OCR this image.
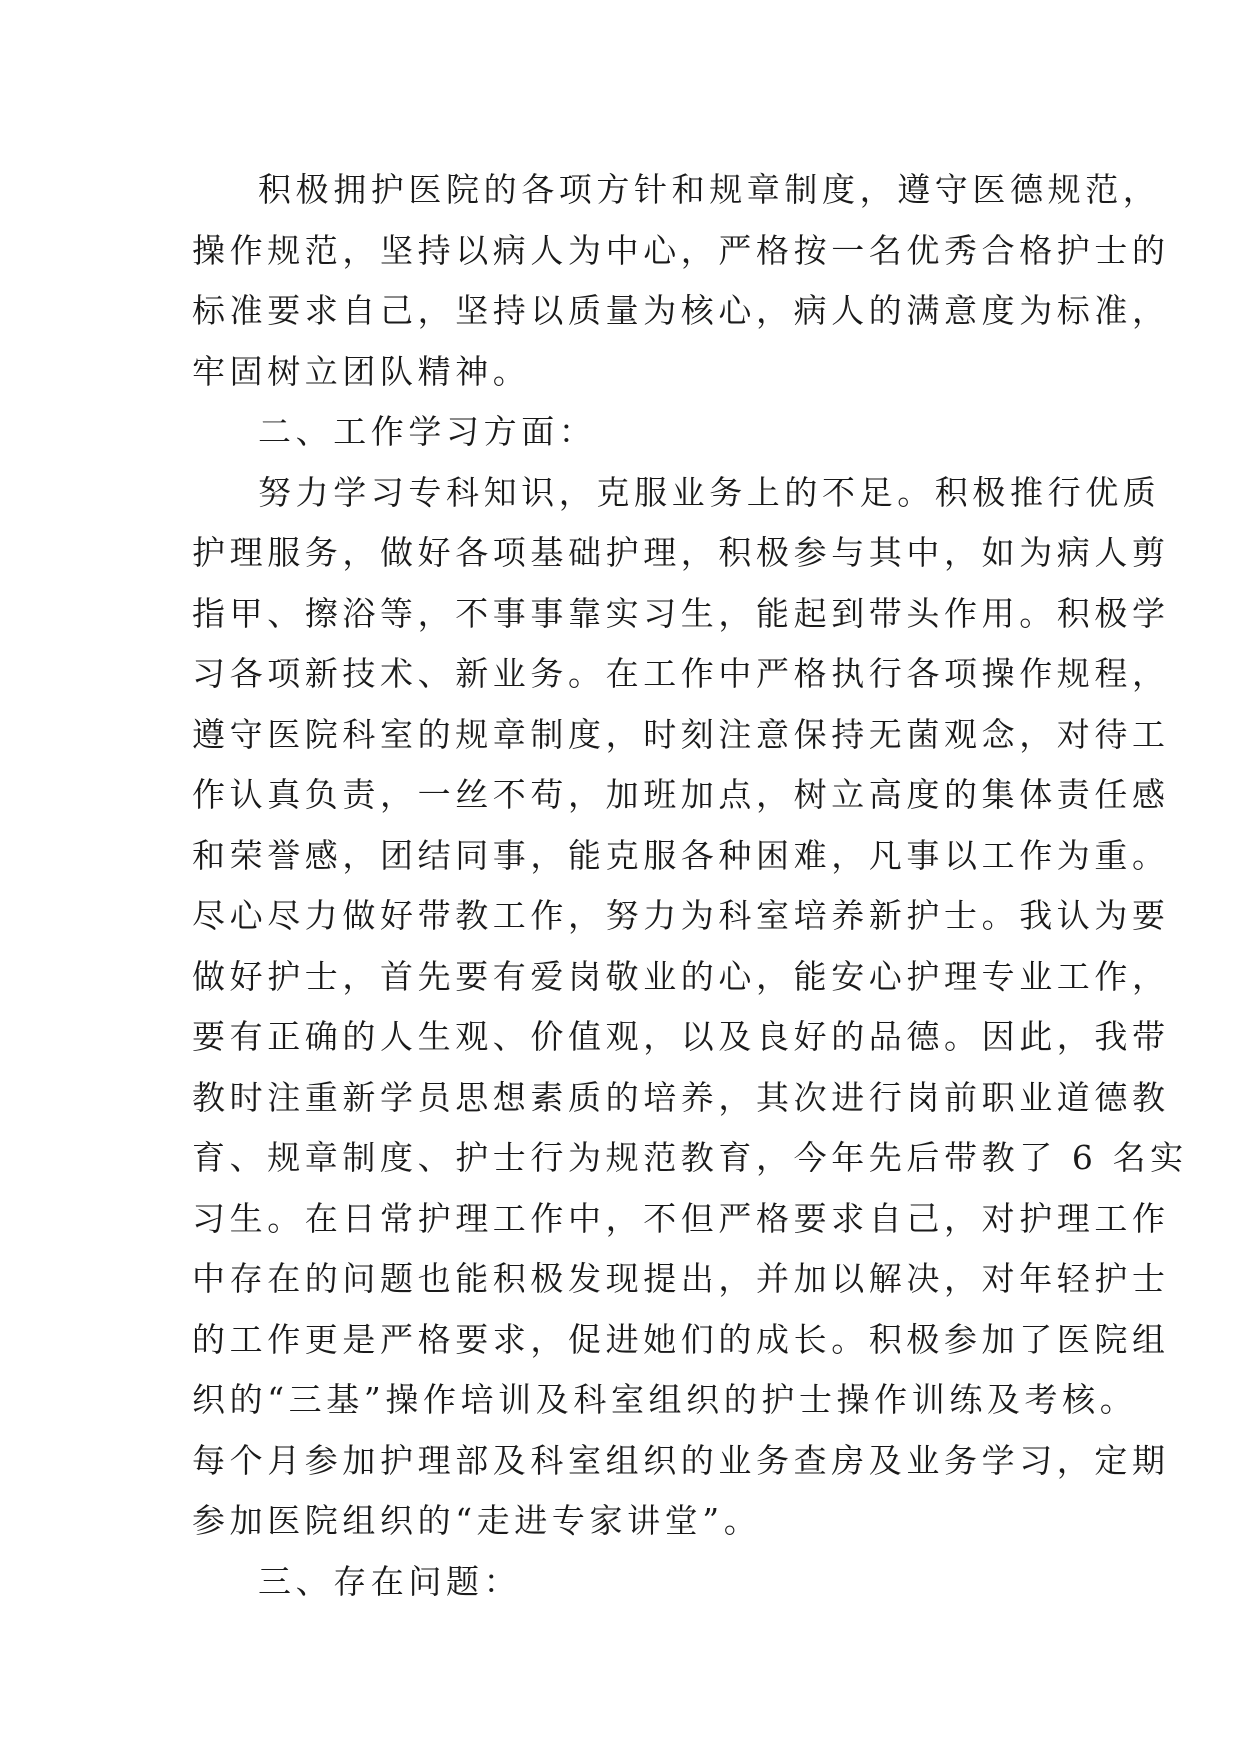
积极拥护医院的各项方针和规章制度，遵守医德规范，
操作规范，坚持以病人为中心，严格按一名优秀合格护士的
标准要求自己，坚持以质量为核心，病人的满意度为标准，
牢固树立团队精神。
二、工作学习方面：
努力学习专科知识，克服业务上的不足。积极推行优质
护理服务，做好各项基础护理，积极参与其中，如为病人剪
指甲、擦浴等，不事事靠实习生，能起到带头作用。积极学
习各项新技术、新业务。在工作中严格执行各项操作规程，
遵守医院科室的规章制度，时刻注意保持无菌观念，对待工
作认真负责，一丝不苟，加班加点，树立高度的集体责任感
和荣誉感，团结同事，能克服各种困难，凡事以工作为重。
尽心尽力做好带教工作，努力为科室培养新护士。我认为要
做好护士，首先要有爱岗敬业的心，能安心护理专业工作，
要有正确的人生观、价值观，以及良好的品德。因此，我带
教时注重新学员思想素质的培养，其次进行岗前职业道德教
育、规章制度、护士行为规范教育，今年先后带教了 6 名实
习生。在日常护理工作中，不但严格要求自己，对护理工作
中存在的问题也能积极发现提出，并加以解决，对年轻护士
的工作更是严格要求，促进她们的成长。积极参加了医院组
织的“三基”操作培训及科室组织的护士操作训练及考核。
每个月参加护理部及科室组织的业务查房及业务学习，定期
参加医院组织的“走进专家讲堂”。
三、存在问题：
